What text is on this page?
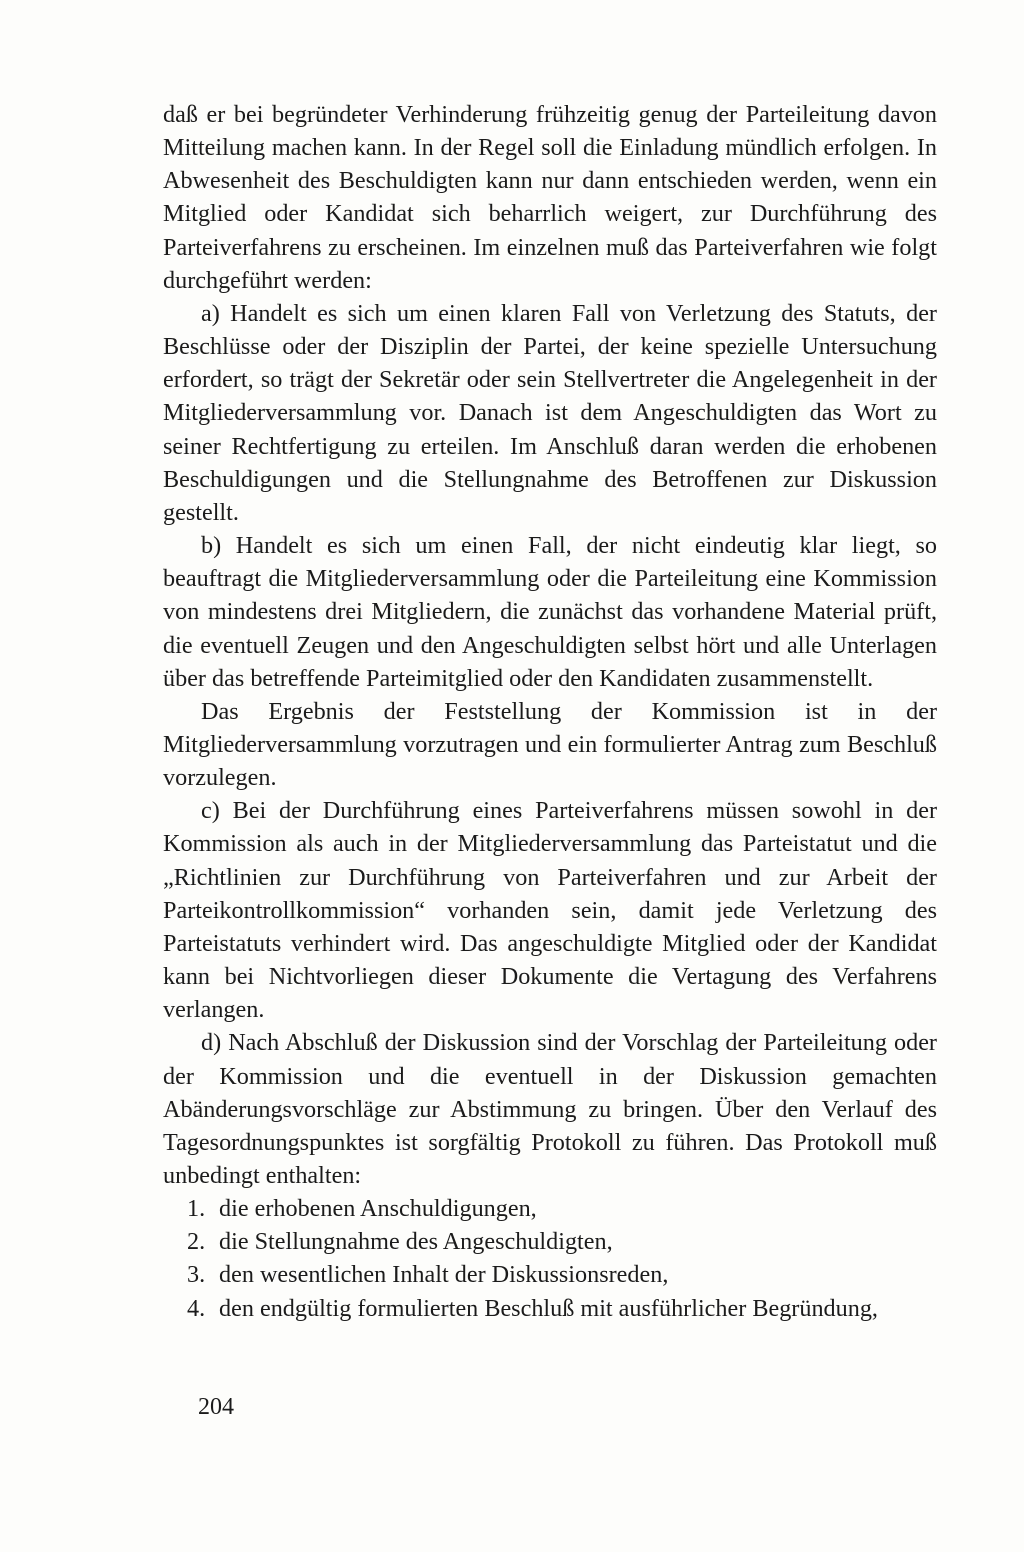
daß er bei begründeter Verhinderung frühzeitig genug der Parteileitung davon Mitteilung machen kann. In der Regel soll die Einladung mündlich erfolgen. In Abwesenheit des Beschuldigten kann nur dann entschieden werden, wenn ein Mitglied oder Kandidat sich beharrlich weigert, zur Durchführung des Parteiverfahrens zu erscheinen. Im einzelnen muß das Parteiverfahren wie folgt durchgeführt werden:

a) Handelt es sich um einen klaren Fall von Verletzung des Statuts, der Beschlüsse oder der Disziplin der Partei, der keine spezielle Untersuchung erfordert, so trägt der Sekretär oder sein Stellvertreter die Angelegenheit in der Mitgliederversammlung vor. Danach ist dem Angeschuldigten das Wort zu seiner Rechtfertigung zu erteilen. Im Anschluß daran werden die erhobenen Beschuldigungen und die Stellungnahme des Betroffenen zur Diskussion gestellt.

b) Handelt es sich um einen Fall, der nicht eindeutig klar liegt, so beauftragt die Mitgliederversammlung oder die Parteileitung eine Kommission von mindestens drei Mitgliedern, die zunächst das vorhandene Material prüft, die eventuell Zeugen und den Angeschuldigten selbst hört und alle Unterlagen über das betreffende Parteimitglied oder den Kandidaten zusammenstellt.

Das Ergebnis der Feststellung der Kommission ist in der Mitgliederversammlung vorzutragen und ein formulierter Antrag zum Beschluß vorzulegen.

c) Bei der Durchführung eines Parteiverfahrens müssen sowohl in der Kommission als auch in der Mitgliederversammlung das Parteistatut und die „Richtlinien zur Durchführung von Parteiverfahren und zur Arbeit der Parteikontrollkommission“ vorhanden sein, damit jede Verletzung des Parteistatuts verhindert wird. Das angeschuldigte Mitglied oder der Kandidat kann bei Nichtvorliegen dieser Dokumente die Vertagung des Verfahrens verlangen.

d) Nach Abschluß der Diskussion sind der Vorschlag der Parteileitung oder der Kommission und die eventuell in der Diskussion gemachten Abänderungsvorschläge zur Abstimmung zu bringen. Über den Verlauf des Tagesordnungspunktes ist sorgfältig Protokoll zu führen. Das Protokoll muß unbedingt enthalten:

1. die erhobenen Anschuldigungen,
2. die Stellungnahme des Angeschuldigten,
3. den wesentlichen Inhalt der Diskussionsreden,
4. den endgültig formulierten Beschluß mit ausführlicher Begründung,
204
